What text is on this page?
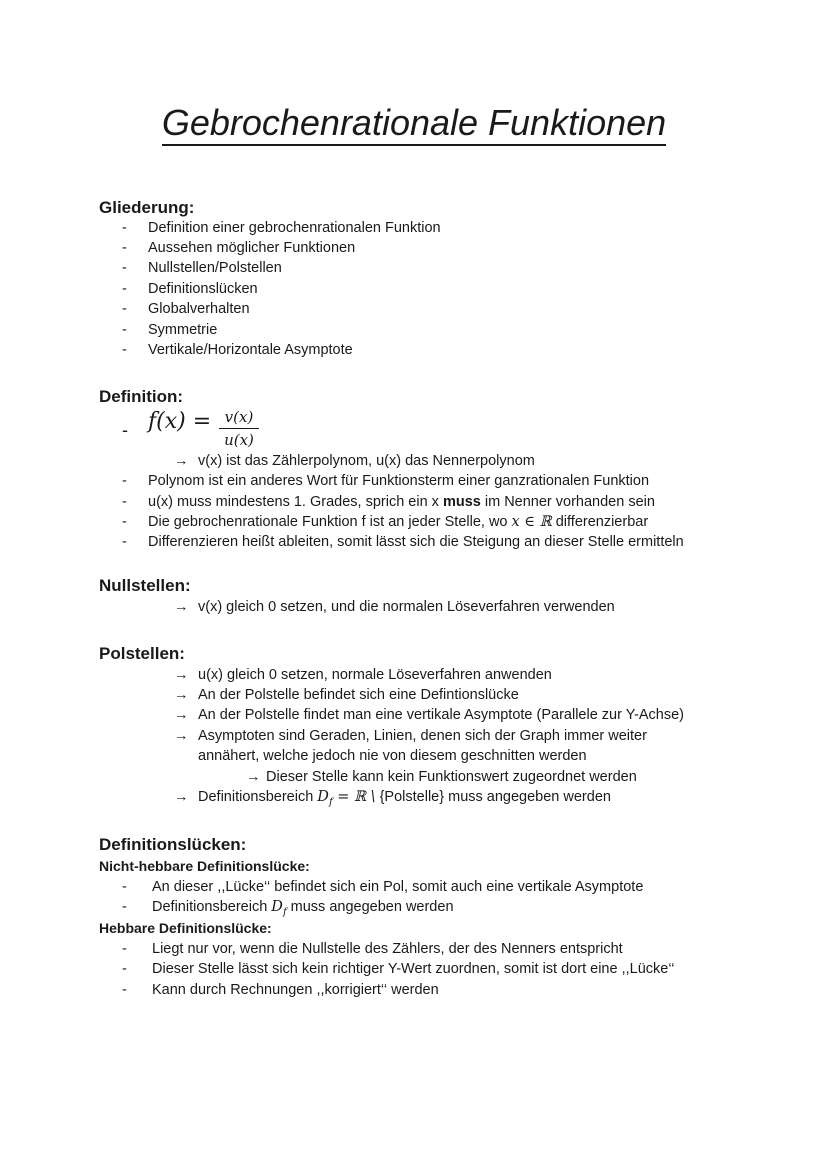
Gebrochenrationale Funktionen
Gliederung:
- Definition einer gebrochenrationalen Funktion
- Aussehen möglicher Funktionen
- Nullstellen/Polstellen
- Definitionslücken
- Globalverhalten
- Symmetrie
- Vertikale/Horizontale Asymptote
Definition:
- f(x) = v(x)
u(x)
→ v(x) ist das Zählerpolynom, u(x) das Nennerpolynom
- Polynom ist ein anderes Wort für Funktionsterm einer ganzrationalen Funktion
- u(x) muss mindestens 1. Grades, sprich ein x muss im Nenner vorhanden sein
- Die gebrochenrationale Funktion f ist an jeder Stelle, wo x ∈ ℝ differenzierbar
- Differenzieren heißt ableiten, somit lässt sich die Steigung an dieser Stelle ermitteln
Nullstellen:
→ v(x) gleich 0 setzen, und die normalen Löseverfahren verwenden
Polstellen:
→ u(x) gleich 0 setzen, normale Löseverfahren anwenden
→ An der Polstelle befindet sich eine Defintionslücke
→ An der Polstelle findet man eine vertikale Asymptote (Parallele zur Y-Achse)
→ Asymptoten sind Geraden, Linien, denen sich der Graph immer weiter
annähert, welche jedoch nie von diesem geschnitten werden
→ Dieser Stelle kann kein Funktionswert zugeordnet werden
→ Definitionsbereich $D_f$ = ℝ \ {Polstelle} muss angegeben werden
Definitionslücken:
Nicht-hebbare Definitionslücke:
- An dieser ,,Lücke‘‘ befindet sich ein Pol, somit auch eine vertikale Asymptote
- Definitionsbereich $D_f$ muss angegeben werden
Hebbare Definitionslücke:
- Liegt nur vor, wenn die Nullstelle des Zählers, der des Nenners entspricht
- Dieser Stelle lässt sich kein richtiger Y-Wert zuordnen, somit ist dort eine ,,Lücke‘‘
- Kann durch Rechnungen ,,korrigiert‘‘ werden
